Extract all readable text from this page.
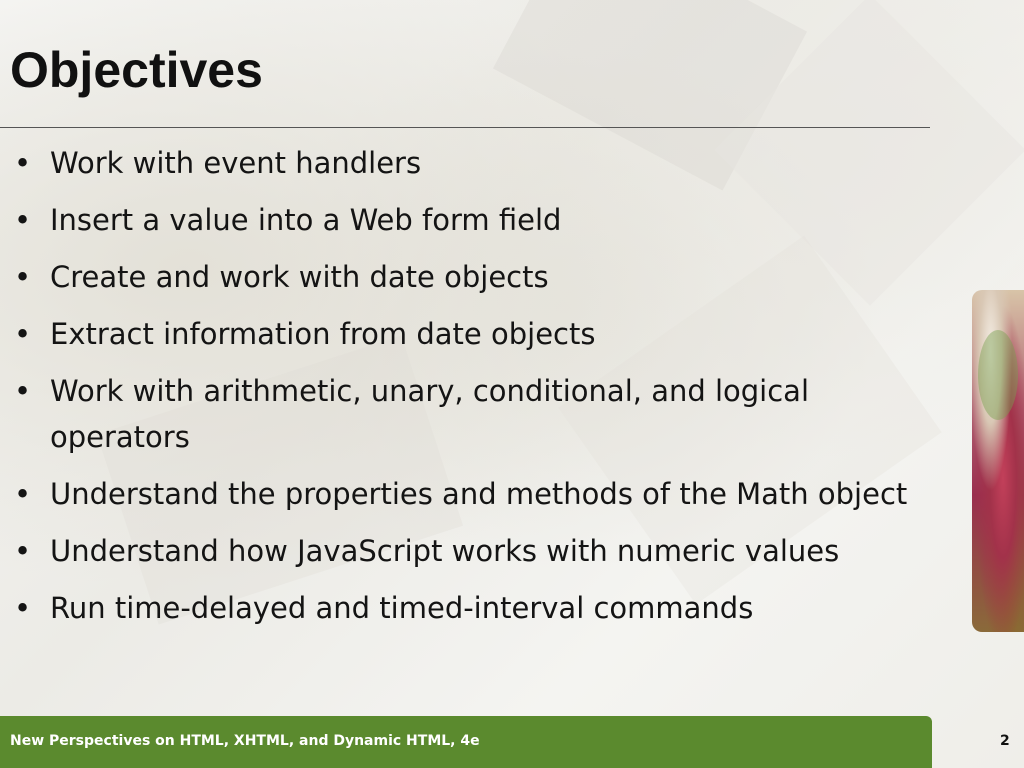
Objectives
• Work with event handlers
• Insert a value into a Web form field
• Create and work with date objects
• Extract information from date objects
• Work with arithmetic, unary, conditional, and logical operators
• Understand the properties and methods of the Math object
• Understand how JavaScript works with numeric values
• Run time-delayed and timed-interval commands
New Perspectives on HTML, XHTML, and Dynamic HTML, 4e	2
